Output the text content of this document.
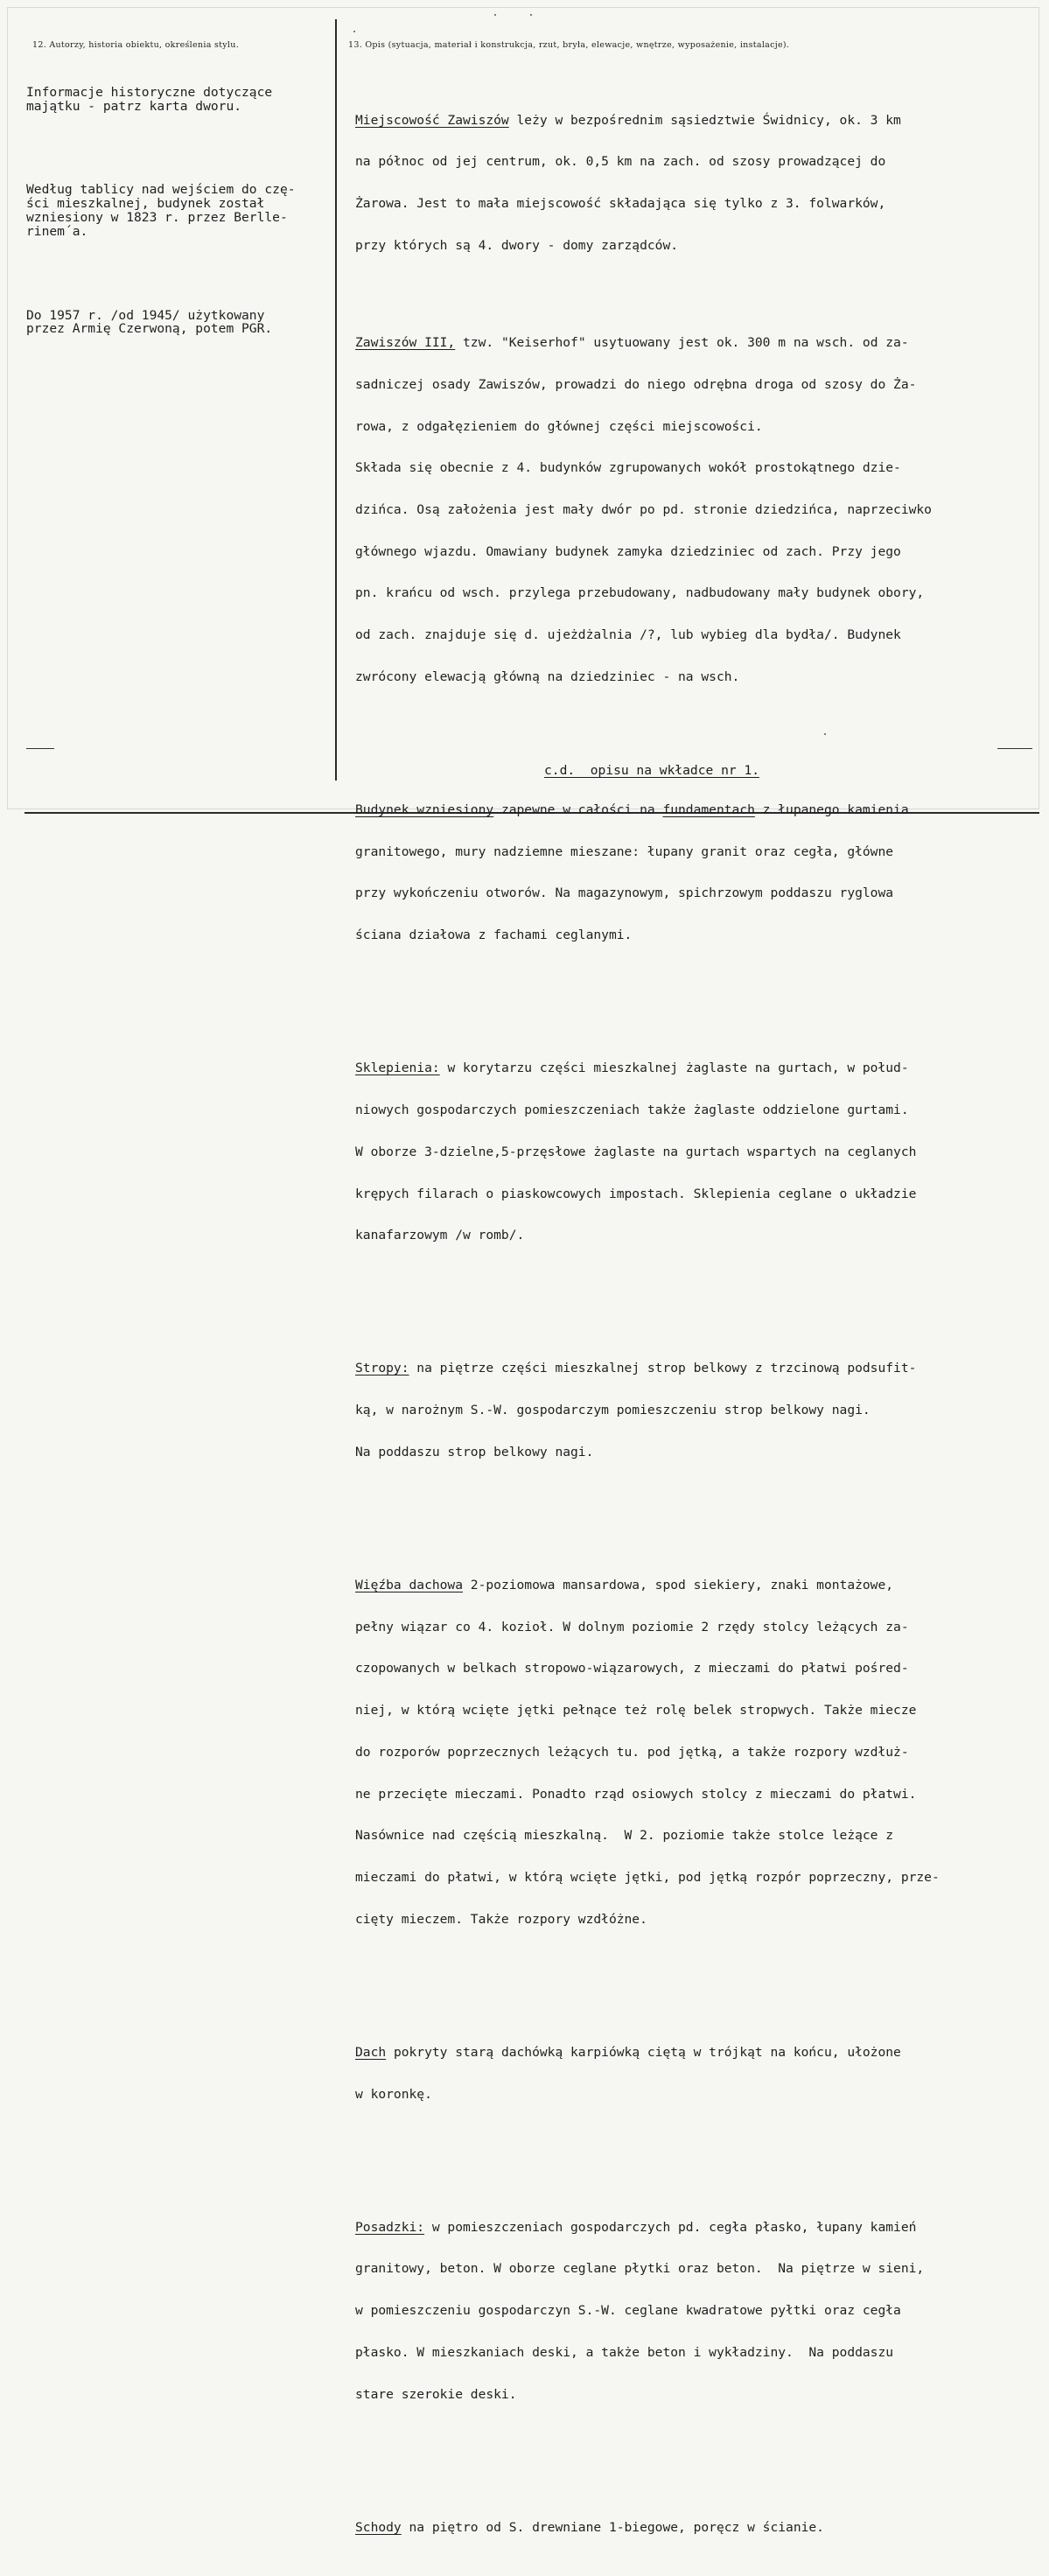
12. Autorzy, historia obiektu, określenia stylu.	13. Opis (sytuacja, materiał i konstrukcja, rzut, bryła, elewacje, wnętrze, wyposażenie, instalacje).

Informacje historyczne dotyczące
majątku - patrz karta dworu.

Według tablicy nad wejściem do czę-
ści mieszkalnej, budynek został
wzniesiony w 1823 r. przez Berlle-
rinem´a.

Do 1957 r. /od 1945/ użytkowany
przez Armię Czerwoną, potem PGR.

Miejscowość Zawiszów leży w bezpośrednim sąsiedztwie Świdnicy, ok. 3 km

na północ od jej centrum, ok. 0,5 km na zach. od szosy prowadzącej do

Żarowa. Jest to mała miejscowość składająca się tylko z 3. folwarków,

przy których są 4. dwory - domy zarządców.

Zawiszów III, tzw. "Keiserhof" usytuowany jest ok. 300 m na wsch. od za-

sadniczej osady Zawiszów, prowadzi do niego odrębna droga od szosy do Ża-

rowa, z odgałęzieniem do głównej części miejscowości.

Składa się obecnie z 4. budynków zgrupowanych wokół prostokątnego dzie-

dzińca. Osą założenia jest mały dwór po pd. stronie dziedzińca, naprzeciwko

głównego wjazdu. Omawiany budynek zamyka dziedziniec od zach. Przy jego

pn. krańcu od wsch. przylega przebudowany, nadbudowany mały budynek obory,

od zach. znajduje się d. ujeżdżalnia /?, lub wybieg dla bydła/. Budynek

zwrócony elewacją główną na dziedziniec - na wsch.

Budynek wzniesiony zapewne w całości na fundamentach z łupanego kamienia

granitowego, mury nadziemne mieszane: łupany granit oraz cegła, główne

przy wykończeniu otworów. Na magazynowym, spichrzowym poddaszu ryglowa

ściana działowa z fachami ceglanymi.

Sklepienia: w korytarzu części mieszkalnej żaglaste na gurtach, w połud-

niowych gospodarczych pomieszczeniach także żaglaste oddzielone gurtami.

W oborze 3-dzielne,5-przęsłowe żaglaste na gurtach wspartych na ceglanych

krępych filarach o piaskowcowych impostach. Sklepienia ceglane o układzie

kanafarzowym /w romb/.

Stropy: na piętrze części mieszkalnej strop belkowy z trzcinową podsufit-

ką, w narożnym S.-W. gospodarczym pomieszczeniu strop belkowy nagi.

Na poddaszu strop belkowy nagi.

Więźba dachowa 2-poziomowa mansardowa, spod siekiery, znaki montażowe,

pełny wiązar co 4. kozioł. W dolnym poziomie 2 rzędy stolcy leżących za-

czopowanych w belkach stropowo-wiązarowych, z mieczami do płatwi pośred-

niej, w którą wcięte jętki pełnące też rolę belek stropwych. Także miecze

do rozporów poprzecznych leżących tu. pod jętką, a także rozpory wzdłuż-

ne przecięte mieczami. Ponadto rząd osiowych stolcy z mieczami do płatwi.

Nasównice nad częścią mieszkalną.  W 2. poziomie także stolce leżące z

mieczami do płatwi, w którą wcięte jętki, pod jętką rozpór poprzeczny, prze-

cięty mieczem. Także rozpory wzdłóżne.

Dach pokryty starą dachówką karpiówką ciętą w trójkąt na końcu, ułożone

w koronkę.

Posadzki: w pomieszczeniach gospodarczych pd. cegła płasko, łupany kamień

granitowy, beton. W oborze ceglane płytki oraz beton.  Na piętrze w sieni,

w pomieszczeniu gospodarczyn S.-W. ceglane kwadratowe pyłtki oraz cegła

płasko. W mieszkaniach deski, a także beton i wykładziny.  Na poddaszu

stare szerokie deski.

Schody na piętro od S. drewniane 1-biegowe, poręcz w ścianie.

c.d.  opisu na wkładce nr 1.
